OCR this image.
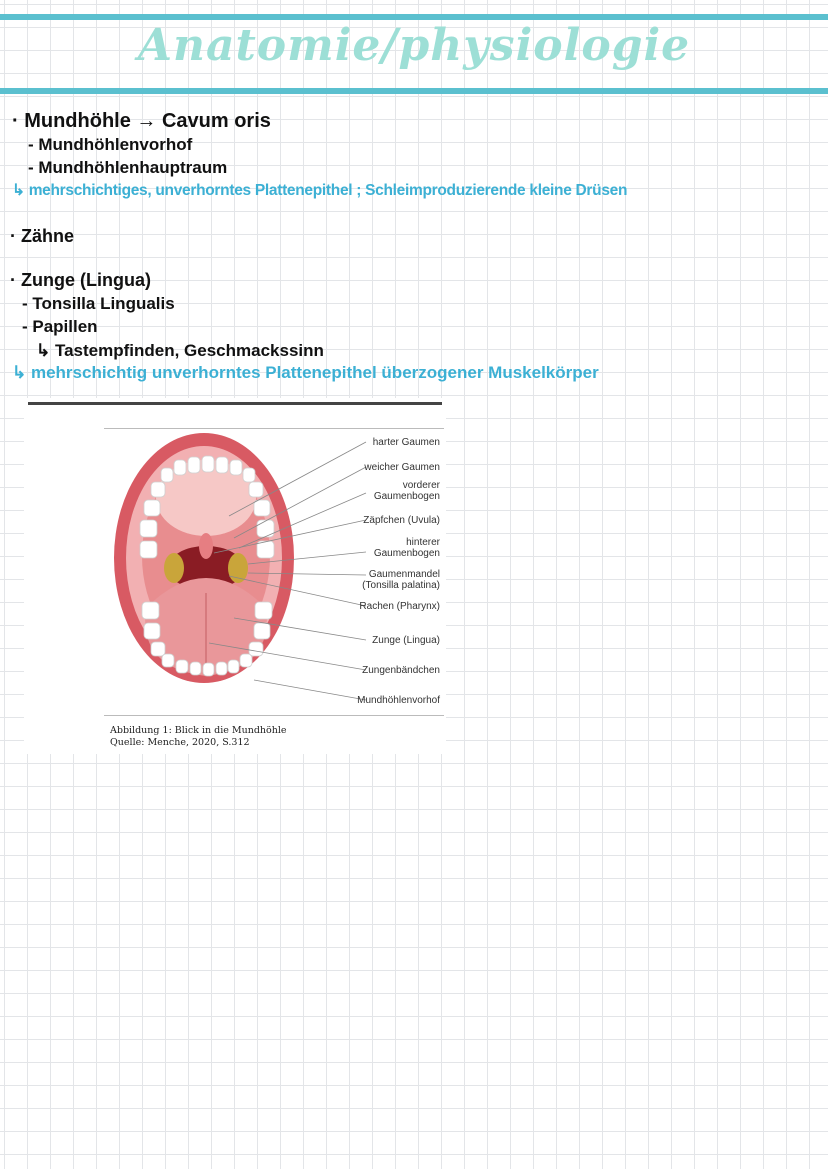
Anatomie/physiologie
· Mundhöhle → Cavum oris
- Mundhöhlenvorhof
- Mundhöhlenhauptraum
↳ mehrschichtiges, unverhorntes Plattenepithel ; Schleimproduzierende kleine Drüsen
· Zähne
· Zunge (Lingua)
- Tonsilla Lingualis
- Papillen
↳ Tastempfinden, Geschmackssinn
↳ mehrschichtig unverhorntes Plattenepithel überzogener Muskelkörper
harter Gaumen
weicher Gaumen
vorderer
Gaumenbogen
Zäpfchen (Uvula)
hinterer
Gaumenbogen
Gaumenmandel
(Tonsilla palatina)
Rachen (Pharynx)
Zunge (Lingua)
Zungenbändchen
Mundhöhlenvorhof
Abbildung 1: Blick in die Mundhöhle
Quelle: Menche, 2020, S.312
